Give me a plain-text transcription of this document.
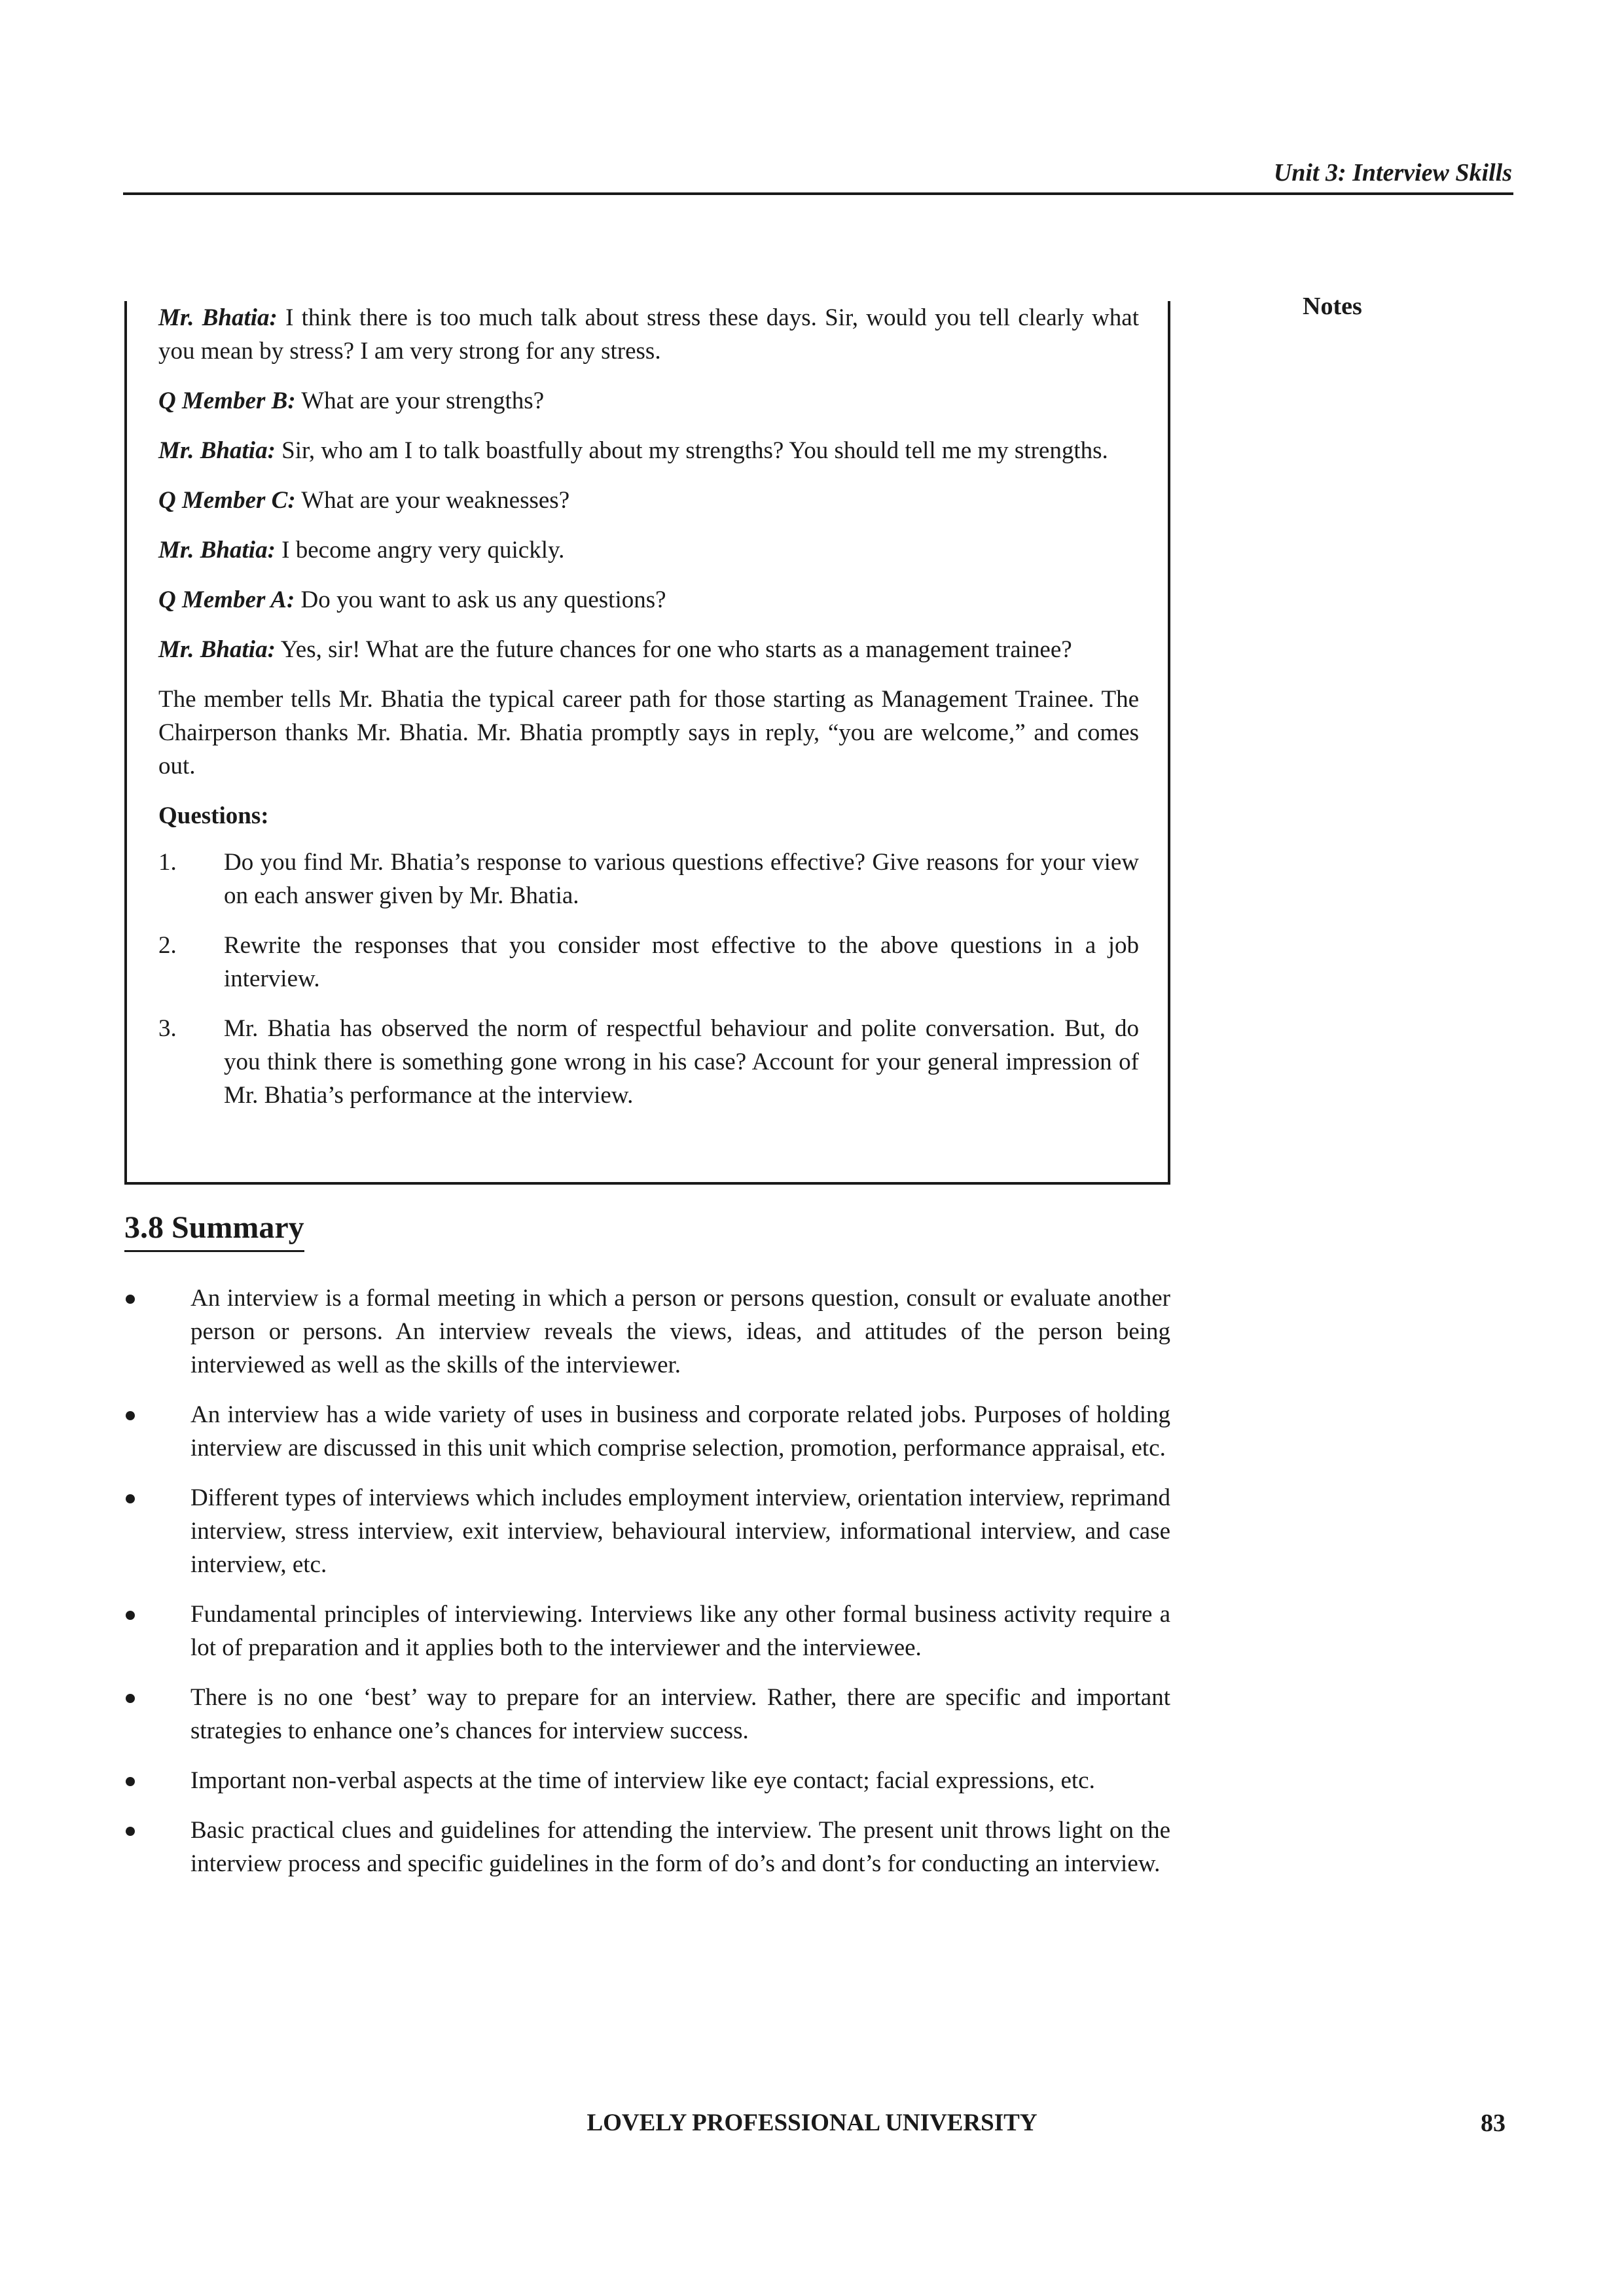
Unit 3: Interview Skills
Notes

Mr. Bhatia: I think there is too much talk about stress these days. Sir, would you tell clearly what you mean by stress? I am very strong for any stress.

Q Member B: What are your strengths?

Mr. Bhatia: Sir, who am I to talk boastfully about my strengths? You should tell me my strengths.

Q Member C: What are your weaknesses?

Mr. Bhatia: I become angry very quickly.

Q Member A: Do you want to ask us any questions?

Mr. Bhatia: Yes, sir! What are the future chances for one who starts as a management trainee?

The member tells Mr. Bhatia the typical career path for those starting as Management Trainee. The Chairperson thanks Mr. Bhatia. Mr. Bhatia promptly says in reply, “you are welcome,” and comes out.

Questions:

1. Do you find Mr. Bhatia’s response to various questions effective? Give reasons for your view on each answer given by Mr. Bhatia.
2. Rewrite the responses that you consider most effective to the above questions in a job interview.
3. Mr. Bhatia has observed the norm of respectful behaviour and polite conversation. But, do you think there is something gone wrong in his case? Account for your general impression of Mr. Bhatia’s performance at the interview.
3.8 Summary
An interview is a formal meeting in which a person or persons question, consult or evaluate another person or persons. An interview reveals the views, ideas, and attitudes of the person being interviewed as well as the skills of the interviewer.
An interview has a wide variety of uses in business and corporate related jobs. Purposes of holding interview are discussed in this unit which comprise selection, promotion, performance appraisal, etc.
Different types of interviews which includes employment interview, orientation interview, reprimand interview, stress interview, exit interview, behavioural interview, informational interview, and case interview, etc.
Fundamental principles of interviewing. Interviews like any other formal business activity require a lot of preparation and it applies both to the interviewer and the interviewee.
There is no one ‘best’ way to prepare for an interview. Rather, there are specific and important strategies to enhance one’s chances for interview success.
Important non-verbal aspects at the time of interview like eye contact; facial expressions, etc.
Basic practical clues and guidelines for attending the interview. The present unit throws light on the interview process and specific guidelines in the form of do’s and dont’s for conducting an interview.
LOVELY PROFESSIONAL UNIVERSITY	83
